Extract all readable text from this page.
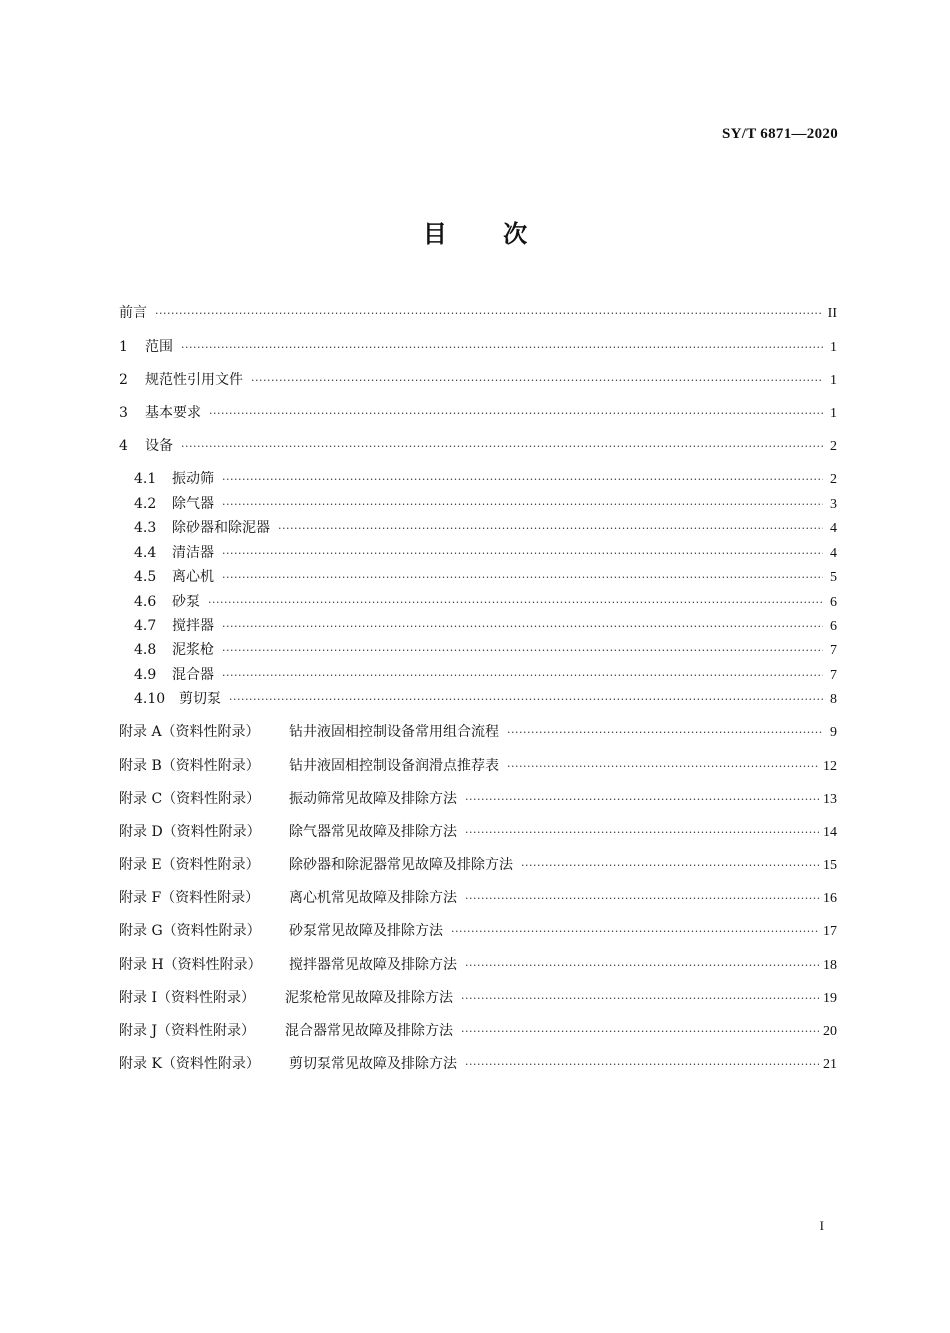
SY/T 6871—2020
目 次
前言 ·····	II
1	范围 ·····	1
2	规范性引用文件 ·····	1
3	基本要求 ·····	1
4	设备 ·····	2
4.1	振动筛 ·····	2
4.2	除气器 ·····	3
4.3	除砂器和除泥器 ·····	4
4.4	清洁器 ·····	4
4.5	离心机 ·····	5
4.6	砂泵 ·····	6
4.7	搅拌器 ·····	6
4.8	泥浆枪 ·····	7
4.9	混合器 ·····	7
4.10 剪切泵 ·····	8
附录 A（资料性附录）	钻井液固相控制设备常用组合流程 ·····	9
附录 B（资料性附录）	钻井液固相控制设备润滑点推荐表 ·····	12
附录 C（资料性附录）	振动筛常见故障及排除方法 ·····	13
附录 D（资料性附录）	除气器常见故障及排除方法 ·····	14
附录 E（资料性附录）	除砂器和除泥器常见故障及排除方法 ·····	15
附录 F（资料性附录）	离心机常见故障及排除方法 ·····	16
附录 G（资料性附录）	砂泵常见故障及排除方法 ·····	17
附录 H（资料性附录）	搅拌器常见故障及排除方法 ·····	18
附录 I（资料性附录）	泥浆枪常见故障及排除方法 ·····	19
附录 J（资料性附录）	混合器常见故障及排除方法 ·····	20
附录 K（资料性附录）	剪切泵常见故障及排除方法 ·····	21
I
